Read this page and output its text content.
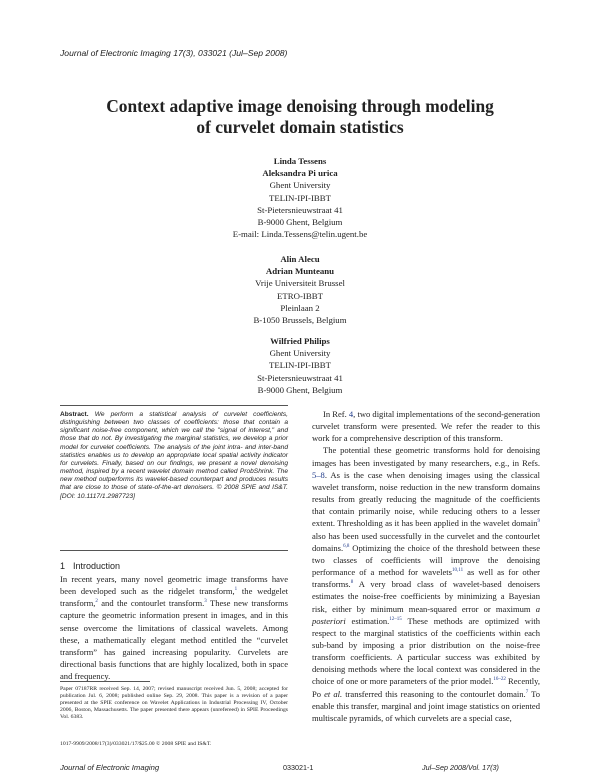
Journal of Electronic Imaging 17(3), 033021 (Jul–Sep 2008)
Context adaptive image denoising through modeling
of curvelet domain statistics
Linda Tessens
Aleksandra Pi urica
Ghent University
TELIN-IPI-IBBT
St-Pietersnieuwstraat 41
B-9000 Ghent, Belgium
E-mail: Linda.Tessens@telin.ugent.be
Alin Alecu
Adrian Munteanu
Vrije Universiteit Brussel
ETRO-IBBT
Pleinlaan 2
B-1050 Brussels, Belgium
Wilfried Philips
Ghent University
TELIN-IPI-IBBT
St-Pietersnieuwstraat 41
B-9000 Ghent, Belgium
Abstract. We perform a statistical analysis of curvelet coefficients, distinguishing between two classes of coefficients: those that contain a significant noise-free component, which we call the "signal of interest," and those that do not. By investigating the marginal statistics, we develop a prior model for curvelet coefficients. The analysis of the joint intra- and inter-band statistics enables us to develop an appropriate local spatial activity indicator for curvelets. Finally, based on our findings, we present a novel denoising method, inspired by a recent wavelet domain method called ProbShrink. The new method outperforms its wavelet-based counterpart and produces results that are close to those of state-of-the-art denoisers. © 2008 SPIE and IS&T. [DOI: 10.1117/1.2987723]
1 Introduction

In recent years, many novel geometric image transforms have been developed such as the ridgelet transform,$^1$ the wedgelet transform,$^2$ and the contourlet transform.$^3$ These new transforms capture the geometric information present in images, and in this sense overcome the limitations of classical wavelets. Among these, a mathematically elegant method entitled the “curvelet transform” has gained increasing popularity. Curvelets are directional basis functions that are highly localized, both in space and frequency.

Paper 07187RR received Sep. 14, 2007; revised manuscript received Jun. 5, 2008; accepted for publication Jul. 6, 2008; published online Sep. 29, 2008. This paper is a revision of a paper presented at the SPIE conference on Wavelet Applications in Industrial Processing IV, October 2006, Boston, Massachusetts. The paper presented there appears (unrefereed) in SPIE Proceedings Vol. 6383.
1017-9909/2008/17(3)/033021/17/$25.00 © 2008 SPIE and IS&T.

In Ref. 4, two digital implementations of the second-generation curvelet transform were presented. We refer the reader to this work for a comprehensive description of this transform.

The potential these geometric transforms hold for denoising images has been investigated by many researchers, e.g., in Refs. 5–8. As is the case when denoising images using the classical wavelet transform, noise reduction in the new transform domains results from greatly reducing the magnitude of the coefficients that contain primarily noise, while reducing others to a lesser extent. Thresholding as it has been applied in the wavelet domain$^9$ also has been used successfully in the curvelet and the contourlet domains.$^{6,8}$ Optimizing the choice of the threshold between these two classes of coefficients will improve the denoising performance of a method for wavelets$^{10,11}$ as well as for other transforms.$^8$ A very broad class of wavelet-based denoisers estimates the noise-free coefficients by minimizing a Bayesian risk, either by minimum mean-squared error or maximum a posteriori estimation.$^{12-15}$ These methods are optimized with respect to the marginal statistics of the coefficients within each sub-band by imposing a prior distribution on the noise-free transform coefficients. A particular success was exhibited by denoising methods where the local context was considered in the choice of one or more parameters of the prior model.$^{16-22}$ Recently, Po et al. transferred this reasoning to the contourlet domain.$^7$ To enable this transfer, marginal and joint image statistics on oriented multiscale pyramids, of which curvelets are a special case,

Journal of Electronic Imaging	033021-1	Jul–Sep 2008/Vol. 17(3)
